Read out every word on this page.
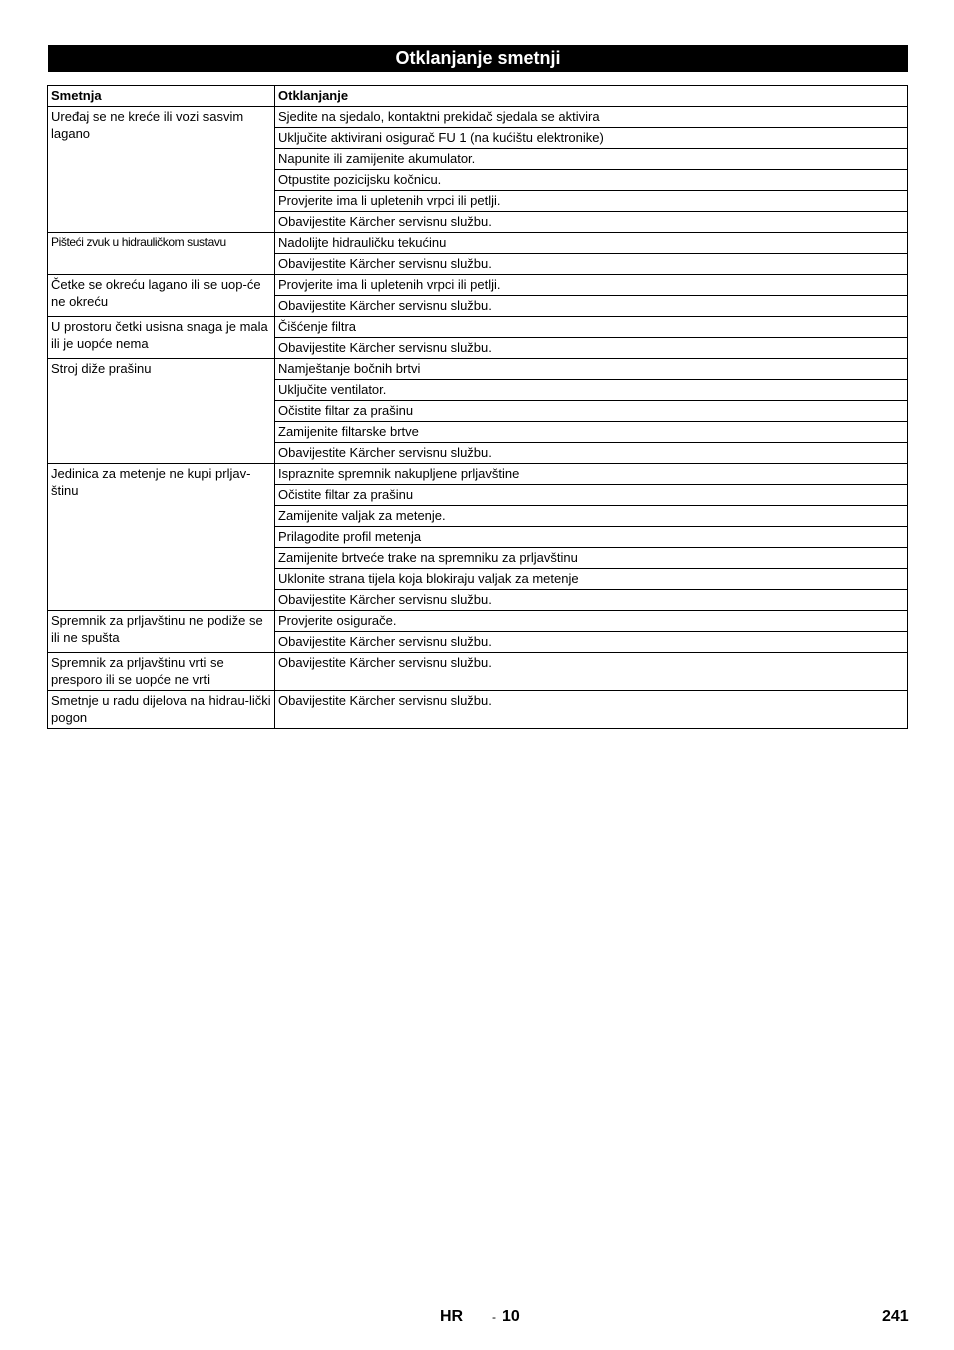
Otklanjanje smetnji
Smetnja	Otklanjanje
Uređaj se ne kreće ili vozi sasvim lagano	Sjedite na sjedalo, kontaktni prekidač sjedala se aktivira
	Uključite aktivirani osigurač FU 1 (na kućištu elektronike)
	Napunite ili zamijenite akumulator.
	Otpustite pozicijsku kočnicu.
	Provjerite ima li upletenih vrpci ili petlji.
	Obavijestite Kärcher servisnu službu.
Pišteći zvuk u hidrauličkom sustavu	Nadolijte hidrauličku tekućinu
	Obavijestite Kärcher servisnu službu.
Četke se okreću lagano ili se uop-će ne okreću	Provjerite ima li upletenih vrpci ili petlji.
	Obavijestite Kärcher servisnu službu.
U prostoru četki usisna snaga je mala ili je uopće nema	Čišćenje filtra
	Obavijestite Kärcher servisnu službu.
Stroj diže prašinu	Namještanje bočnih brtvi
	Uključite ventilator.
	Očistite filtar za prašinu
	Zamijenite filtarske brtve
	Obavijestite Kärcher servisnu službu.
Jedinica za metenje ne kupi prljav-štinu	Ispraznite spremnik nakupljene prljavštine
	Očistite filtar za prašinu
	Zamijenite valjak za metenje.
	Prilagodite profil metenja
	Zamijenite brtveće trake na spremniku za prljavštinu
	Uklonite strana tijela koja blokiraju valjak za metenje
	Obavijestite Kärcher servisnu službu.
Spremnik za prljavštinu ne podiže se ili ne spušta	Provjerite osigurače.
	Obavijestite Kärcher servisnu službu.
Spremnik za prljavštinu vrti se presporo ili se uopće ne vrti	Obavijestite Kärcher servisnu službu.
Smetnje u radu dijelova na hidrau-lički pogon	Obavijestite Kärcher servisnu službu.
HR - 10	241
